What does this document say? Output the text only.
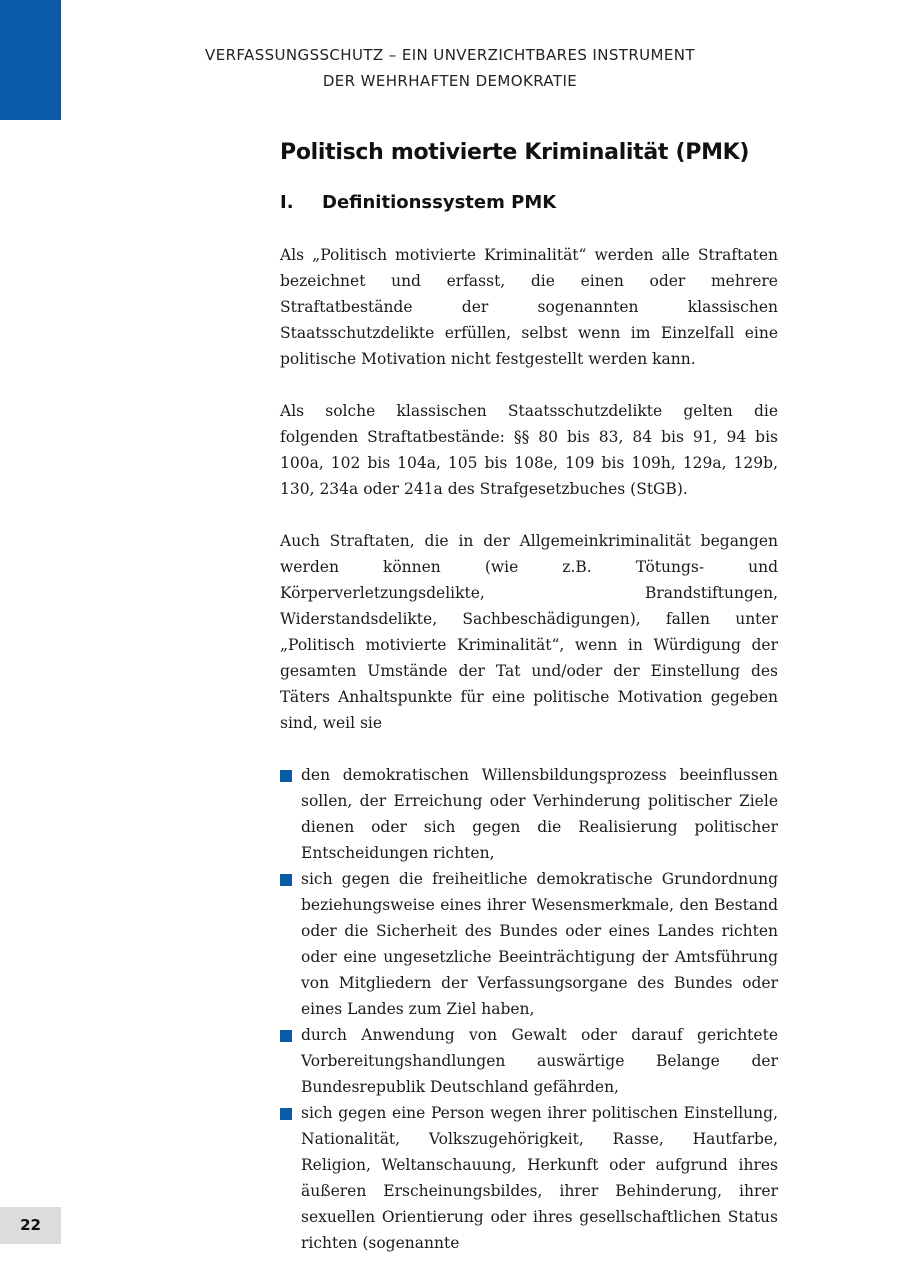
VERFASSUNGSSCHUTZ – EIN UNVERZICHTBARES INSTRUMENT
DER WEHRHAFTEN DEMOKRATIE
Politisch motivierte Kriminalität (PMK)
I.	Definitionssystem PMK

Als „Politisch motivierte Kriminalität“ werden alle Straftaten bezeichnet und erfasst, die einen oder mehrere Straftatbestände der sogenannten klassischen Staatsschutzdelikte erfüllen, selbst wenn im Einzelfall eine politische Motivation nicht festgestellt werden kann.

Als solche klassischen Staatsschutzdelikte gelten die folgenden Straftatbestände: §§ 80 bis 83, 84 bis 91, 94 bis 100a, 102 bis 104a, 105 bis 108e, 109 bis 109h, 129a, 129b, 130, 234a oder 241a des Strafgesetzbuches (StGB).

Auch Straftaten, die in der Allgemeinkriminalität begangen werden können (wie z.B. Tötungs- und Körperverletzungsdelikte, Brandstiftungen, Widerstandsdelikte, Sachbeschädigungen), fallen unter „Politisch motivierte Kriminalität“, wenn in Würdigung der gesamten Umstände der Tat und/oder der Einstellung des Täters Anhaltspunkte für eine politische Motivation gegeben sind, weil sie

den demokratischen Willensbildungsprozess beeinflussen sollen, der Erreichung oder Verhinderung politischer Ziele dienen oder sich gegen die Realisierung politischer Entscheidungen richten,
sich gegen die freiheitliche demokratische Grundordnung beziehungsweise eines ihrer Wesensmerkmale, den Bestand oder die Sicherheit des Bundes oder eines Landes richten oder eine ungesetzliche Beeinträchtigung der Amtsführung von Mitgliedern der Verfassungsorgane des Bundes oder eines Landes zum Ziel haben,
durch Anwendung von Gewalt oder darauf gerichtete Vorbereitungshandlungen auswärtige Belange der Bundesrepublik Deutschland gefährden,
sich gegen eine Person wegen ihrer politischen Einstellung, Nationalität, Volkszugehörigkeit, Rasse, Hautfarbe, Religion, Weltanschauung, Herkunft oder aufgrund ihres äußeren Erscheinungsbildes, ihrer Behinderung, ihrer sexuellen Orientierung oder ihres gesellschaftlichen Status richten (sogenannte
22
